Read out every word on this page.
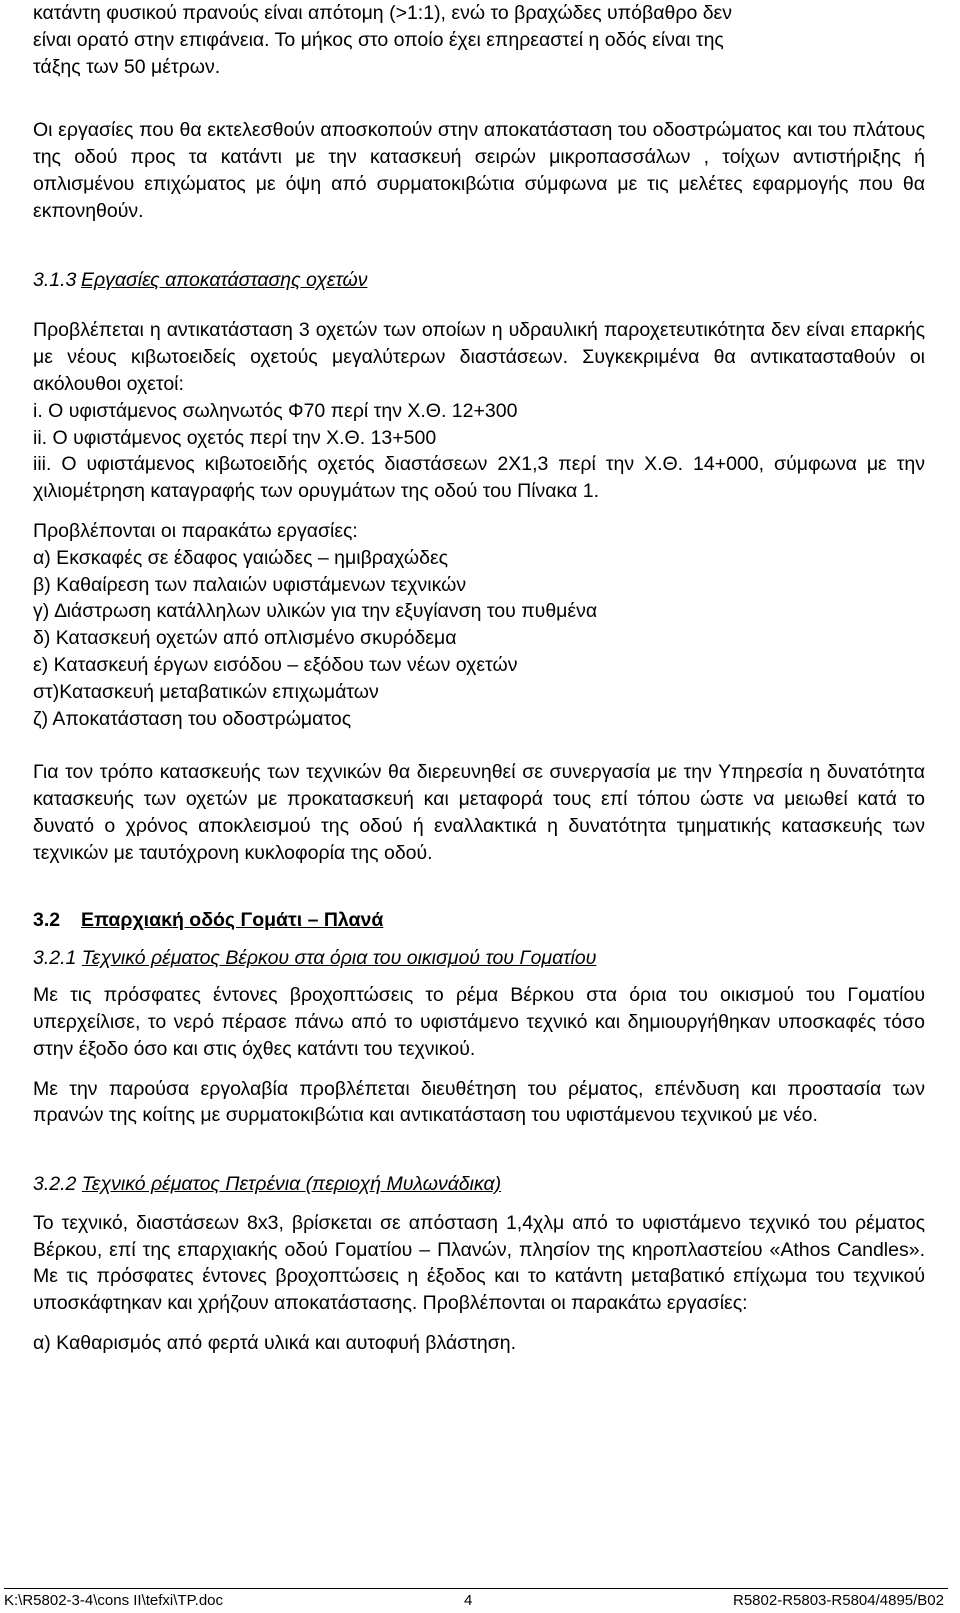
κατάντη φυσικού πρανούς είναι απότομη (>1:1), ενώ το βραχώδες υπόβαθρο δεν
είναι ορατό στην επιφάνεια. Το μήκος στο οποίο έχει επηρεαστεί η οδός είναι της
τάξης των 50 μέτρων.

Οι εργασίες που θα εκτελεσθούν αποσκοπούν στην αποκατάσταση του οδοστρώματος και του πλάτους της οδού προς τα κατάντι με την κατασκευή σειρών μικροπασσάλων , τοίχων αντιστήριξης ή οπλισμένου επιχώματος με όψη από συρματοκιβώτια σύμφωνα με τις μελέτες εφαρμογής που θα εκπονηθούν.

3.1.3 Εργασίες αποκατάστασης οχετών

Προβλέπεται η αντικατάσταση 3 οχετών των οποίων η υδραυλική παροχετευτικότητα δεν είναι επαρκής με νέους κιβωτοειδείς οχετούς μεγαλύτερων διαστάσεων. Συγκεκριμένα θα αντικατασταθούν οι ακόλουθοι οχετοί:

i. Ο υφιστάμενος σωληνωτός Φ70 περί την Χ.Θ. 12+300

ii. Ο υφιστάμενος οχετός περί την Χ.Θ. 13+500

iii. Ο υφιστάμενος κιβωτοειδής οχετός διαστάσεων 2Χ1,3 περί την Χ.Θ. 14+000, σύμφωνα με την χιλιομέτρηση καταγραφής των ορυγμάτων της οδού του Πίνακα 1.

Προβλέπονται οι παρακάτω εργασίες:

α) Εκσκαφές σε έδαφος γαιώδες – ημιβραχώδες

β) Καθαίρεση των παλαιών υφιστάμενων τεχνικών

γ) ∆ιάστρωση κατάλληλων υλικών για την εξυγίανση του πυθμένα

δ) Κατασκευή οχετών από οπλισμένο σκυρόδεμα

ε) Κατασκευή έργων εισόδου – εξόδου των νέων οχετών

στ)Κατασκευή μεταβατικών επιχωμάτων

ζ) Αποκατάσταση του οδοστρώματος

Για τον τρόπο κατασκευής των τεχνικών θα διερευνηθεί σε συνεργασία με την Υπηρεσία η δυνατότητα κατασκευής των οχετών με προκατασκευή και μεταφορά τους επί τόπου ώστε να μειωθεί κατά το δυνατό ο χρόνος αποκλεισμού της οδού ή εναλλακτικά η δυνατότητα τμηματικής κατασκευής των τεχνικών με ταυτόχρονη κυκλοφορία της οδού.

3.2 Επαρχιακή οδός Γομάτι – Πλανά
3.2.1 Τεχνικό ρέματος Βέρκου στα όρια του οικισμού του Γοματίου

Με τις πρόσφατες έντονες βροχοπτώσεις το ρέμα Βέρκου στα όρια του οικισμού του Γοματίου υπερχείλισε, το νερό πέρασε πάνω από το υφιστάμενο τεχνικό και δημιουργήθηκαν υποσκαφές τόσο στην έξοδο όσο και στις όχθες κατάντι του τεχνικού.

Με την παρούσα εργολαβία προβλέπεται διευθέτηση του ρέματος, επένδυση και προστασία των πρανών της κοίτης με συρματοκιβώτια και αντικατάσταση του υφιστάμενου τεχνικού με νέο.

3.2.2 Τεχνικό ρέματος Πετρένια (περιοχή Μυλωνάδικα)

Το τεχνικό, διαστάσεων 8x3, βρίσκεται σε απόσταση 1,4χλμ από το υφιστάμενο τεχνικό του ρέματος Βέρκου, επί της επαρχιακής οδού Γοματίου – Πλανών, πλησίον της κηροπλαστείου «Athos Candles». Με τις πρόσφατες έντονες βροχοπτώσεις η έξοδος και το κατάντη μεταβατικό επίχωμα του τεχνικού υποσκάφτηκαν και χρήζουν αποκατάστασης. Προβλέπονται οι παρακάτω εργασίες:

α) Καθαρισμός από φερτά υλικά και αυτοφυή βλάστηση.

K:\R5802-3-4\cons II\tefxi\TP.doc	4	R5802-R5803-R5804/4895/B02
